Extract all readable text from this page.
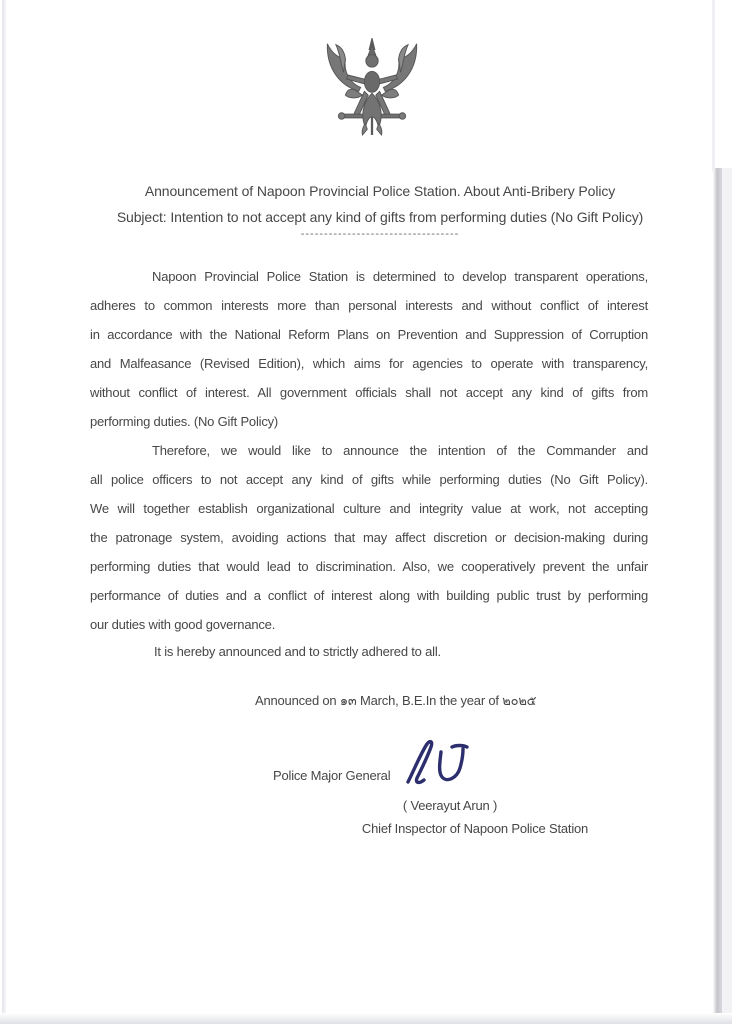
Announcement of Napoon Provincial Police Station. About Anti-Bribery Policy
Subject: Intention to not accept any kind of gifts from performing duties (No Gift Policy)
----------------------------------
Napoon Provincial Police Station is determined to develop transparent operations,
adheres to common interests more than personal interests and without conflict of interest
in accordance with the National Reform Plans on Prevention and Suppression of Corruption
and Malfeasance (Revised Edition), which aims for agencies to operate with transparency,
without conflict of interest. All government officials shall not accept any kind of gifts from
performing duties. (No Gift Policy)
Therefore, we would like to announce the intention of the Commander and
all police officers to not accept any kind of gifts while performing duties (No Gift Policy).
We will together establish organizational culture and integrity value at work, not accepting
the patronage system, avoiding actions that may affect discretion or decision-making during
performing duties that would lead to discrimination. Also, we cooperatively prevent the unfair
performance of duties and a conflict of interest along with building public trust by performing
our duties with good governance.
It is hereby announced and to strictly adhered to all.
Announced on ๑๓ March, B.E.In the year of ๒๐๒๕
Police Major General
( Veerayut Arun )
Chief Inspector of Napoon Police Station
